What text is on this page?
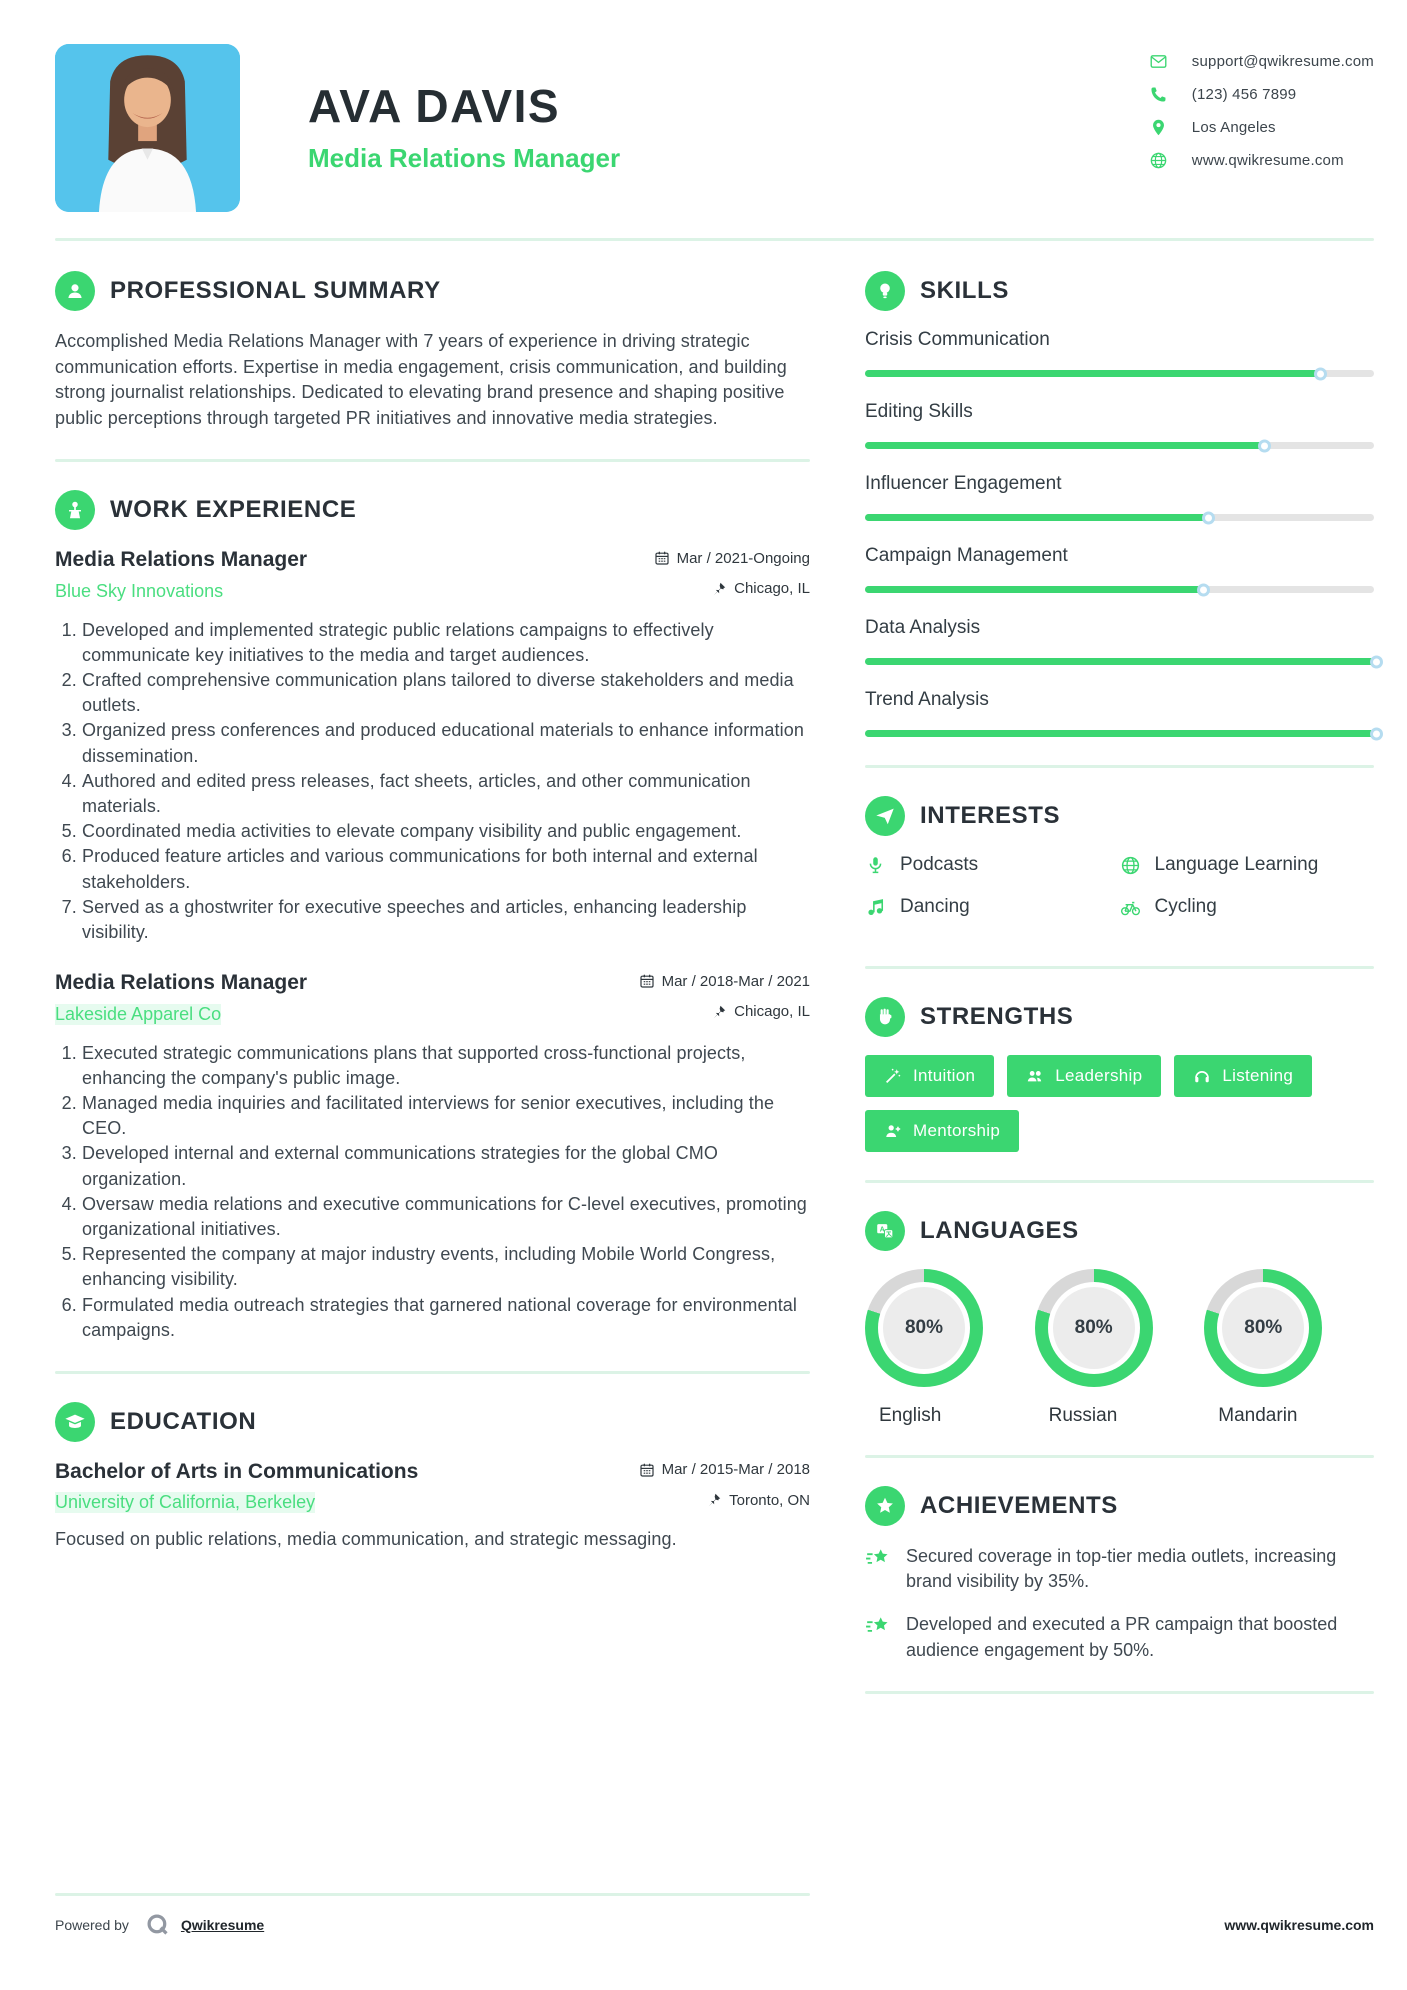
AVA DAVIS
Media Relations Manager
support@qwikresume.com
(123) 456 7899
Los Angeles
www.qwikresume.com
PROFESSIONAL SUMMARY

Accomplished Media Relations Manager with 7 years of experience in driving strategic communication efforts. Expertise in media engagement, crisis communication, and building strong journalist relationships. Dedicated to elevating brand presence and shaping positive public perceptions through targeted PR initiatives and innovative media strategies.

WORK EXPERIENCE
Media Relations Manager	Mar / 2021-Ongoing
Blue Sky Innovations	Chicago, IL
1. Developed and implemented strategic public relations campaigns to effectively communicate key initiatives to the media and target audiences.
2. Crafted comprehensive communication plans tailored to diverse stakeholders and media outlets.
3. Organized press conferences and produced educational materials to enhance information dissemination.
4. Authored and edited press releases, fact sheets, articles, and other communication materials.
5. Coordinated media activities to elevate company visibility and public engagement.
6. Produced feature articles and various communications for both internal and external stakeholders.
7. Served as a ghostwriter for executive speeches and articles, enhancing leadership visibility.
Media Relations Manager	Mar / 2018-Mar / 2021
Lakeside Apparel Co	Chicago, IL
1. Executed strategic communications plans that supported cross-functional projects, enhancing the company's public image.
2. Managed media inquiries and facilitated interviews for senior executives, including the CEO.
3. Developed internal and external communications strategies for the global CMO organization.
4. Oversaw media relations and executive communications for C-level executives, promoting organizational initiatives.
5. Represented the company at major industry events, including Mobile World Congress, enhancing visibility.
6. Formulated media outreach strategies that garnered national coverage for environmental campaigns.
EDUCATION
Bachelor of Arts in Communications	Mar / 2015-Mar / 2018
University of California, Berkeley	Toronto, ON

Focused on public relations, media communication, and strategic messaging.

SKILLS
Crisis Communication
Editing Skills
Influencer Engagement
Campaign Management
Data Analysis
Trend Analysis
INTERESTS
Podcasts	Language Learning
Dancing	Cycling
STRENGTHS
Intuition	Leadership	Listening
Mentorship
LANGUAGES
80%
English
80%
Russian
80%
Mandarin
ACHIEVEMENTS
Secured coverage in top-tier media outlets, increasing brand visibility by 35%.
Developed and executed a PR campaign that boosted audience engagement by 50%.
Powered by	Qwikresume	www.qwikresume.com
